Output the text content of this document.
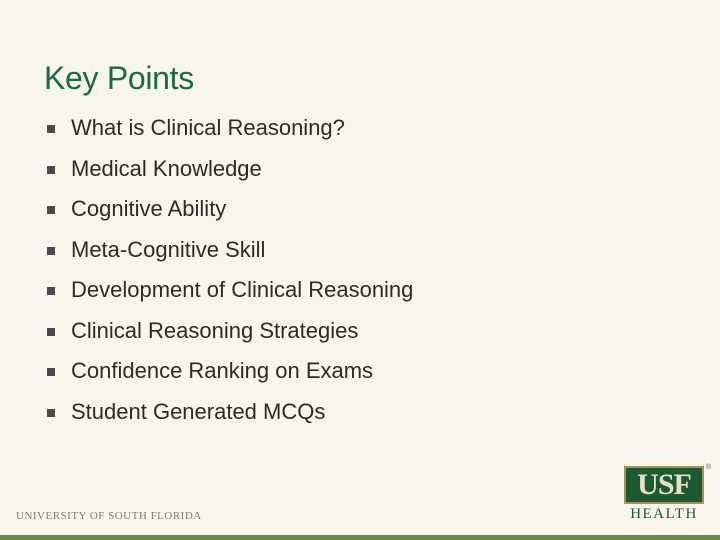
Key Points
What is Clinical Reasoning?
Medical Knowledge
Cognitive Ability
Meta-Cognitive Skill
Development of Clinical Reasoning
Clinical Reasoning Strategies
Confidence Ranking on Exams
Student Generated MCQs
UNIVERSITY OF SOUTH FLORIDA
USF
®
HEALTH
